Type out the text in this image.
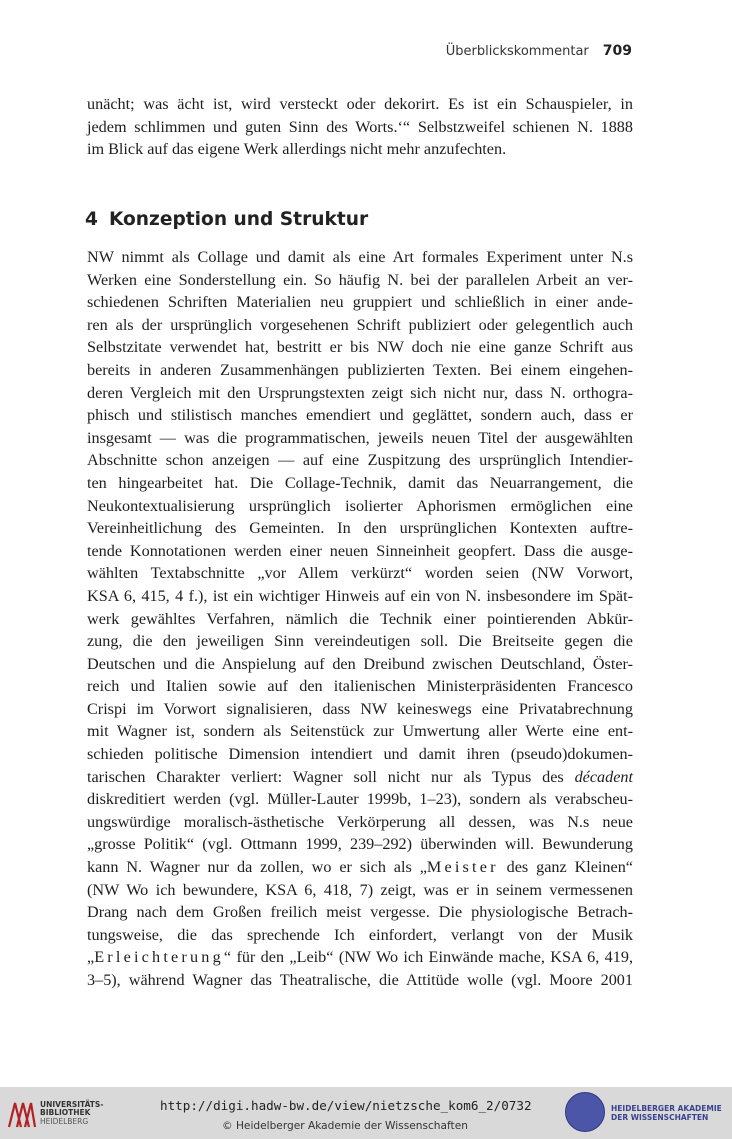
Überblickskommentar 709
unächt; was ächt ist, wird versteckt oder dekorirt. Es ist ein Schauspieler, in
jedem schlimmen und guten Sinn des Worts.‘“ Selbstzweifel schienen N. 1888
im Blick auf das eigene Werk allerdings nicht mehr anzufechten.
4 Konzeption und Struktur
NW nimmt als Collage und damit als eine Art formales Experiment unter N.s
Werken eine Sonderstellung ein. So häufig N. bei der parallelen Arbeit an ver-
schiedenen Schriften Materialien neu gruppiert und schließlich in einer ande-
ren als der ursprünglich vorgesehenen Schrift publiziert oder gelegentlich auch
Selbstzitate verwendet hat, bestritt er bis NW doch nie eine ganze Schrift aus
bereits in anderen Zusammenhängen publizierten Texten. Bei einem eingehen-
deren Vergleich mit den Ursprungstexten zeigt sich nicht nur, dass N. orthogra-
phisch und stilistisch manches emendiert und geglättet, sondern auch, dass er
insgesamt — was die programmatischen, jeweils neuen Titel der ausgewählten
Abschnitte schon anzeigen — auf eine Zuspitzung des ursprünglich Intendier-
ten hingearbeitet hat. Die Collage-Technik, damit das Neuarrangement, die
Neukontextualisierung ursprünglich isolierter Aphorismen ermöglichen eine
Vereinheitlichung des Gemeinten. In den ursprünglichen Kontexten auftre-
tende Konnotationen werden einer neuen Sinneinheit geopfert. Dass die ausge-
wählten Textabschnitte „vor Allem verkürzt“ worden seien (NW Vorwort,
KSA 6, 415, 4 f.), ist ein wichtiger Hinweis auf ein von N. insbesondere im Spät-
werk gewähltes Verfahren, nämlich die Technik einer pointierenden Abkür-
zung, die den jeweiligen Sinn vereindeutigen soll. Die Breitseite gegen die
Deutschen und die Anspielung auf den Dreibund zwischen Deutschland, Öster-
reich und Italien sowie auf den italienischen Ministerpräsidenten Francesco
Crispi im Vorwort signalisieren, dass NW keineswegs eine Privatabrechnung
mit Wagner ist, sondern als Seitenstück zur Umwertung aller Werte eine ent-
schieden politische Dimension intendiert und damit ihren (pseudo)dokumen-
tarischen Charakter verliert: Wagner soll nicht nur als Typus des décadent
diskreditiert werden (vgl. Müller-Lauter 1999b, 1–23), sondern als verabscheu-
ungswürdige moralisch-ästhetische Verkörperung all dessen, was N.s neue
„grosse Politik“ (vgl. Ottmann 1999, 239–292) überwinden will. Bewunderung
kann N. Wagner nur da zollen, wo er sich als „Meister des ganz Kleinen“
(NW Wo ich bewundere, KSA 6, 418, 7) zeigt, was er in seinem vermessenen
Drang nach dem Großen freilich meist vergesse. Die physiologische Betrach-
tungsweise, die das sprechende Ich einfordert, verlangt von der Musik
„Erleichterung“ für den „Leib“ (NW Wo ich Einwände mache, KSA 6, 419,
3–5), während Wagner das Theatralische, die Attitüde wolle (vgl. Moore 2001
UNIVERSITÄTS-
BIBLIOTHEK
HEIDELBERG
http://digi.hadw-bw.de/view/nietzsche_kom6_2/0732
© Heidelberger Akademie der Wissenschaften
HEIDELBERGER AKADEMIE
DER WISSENSCHAFTEN
